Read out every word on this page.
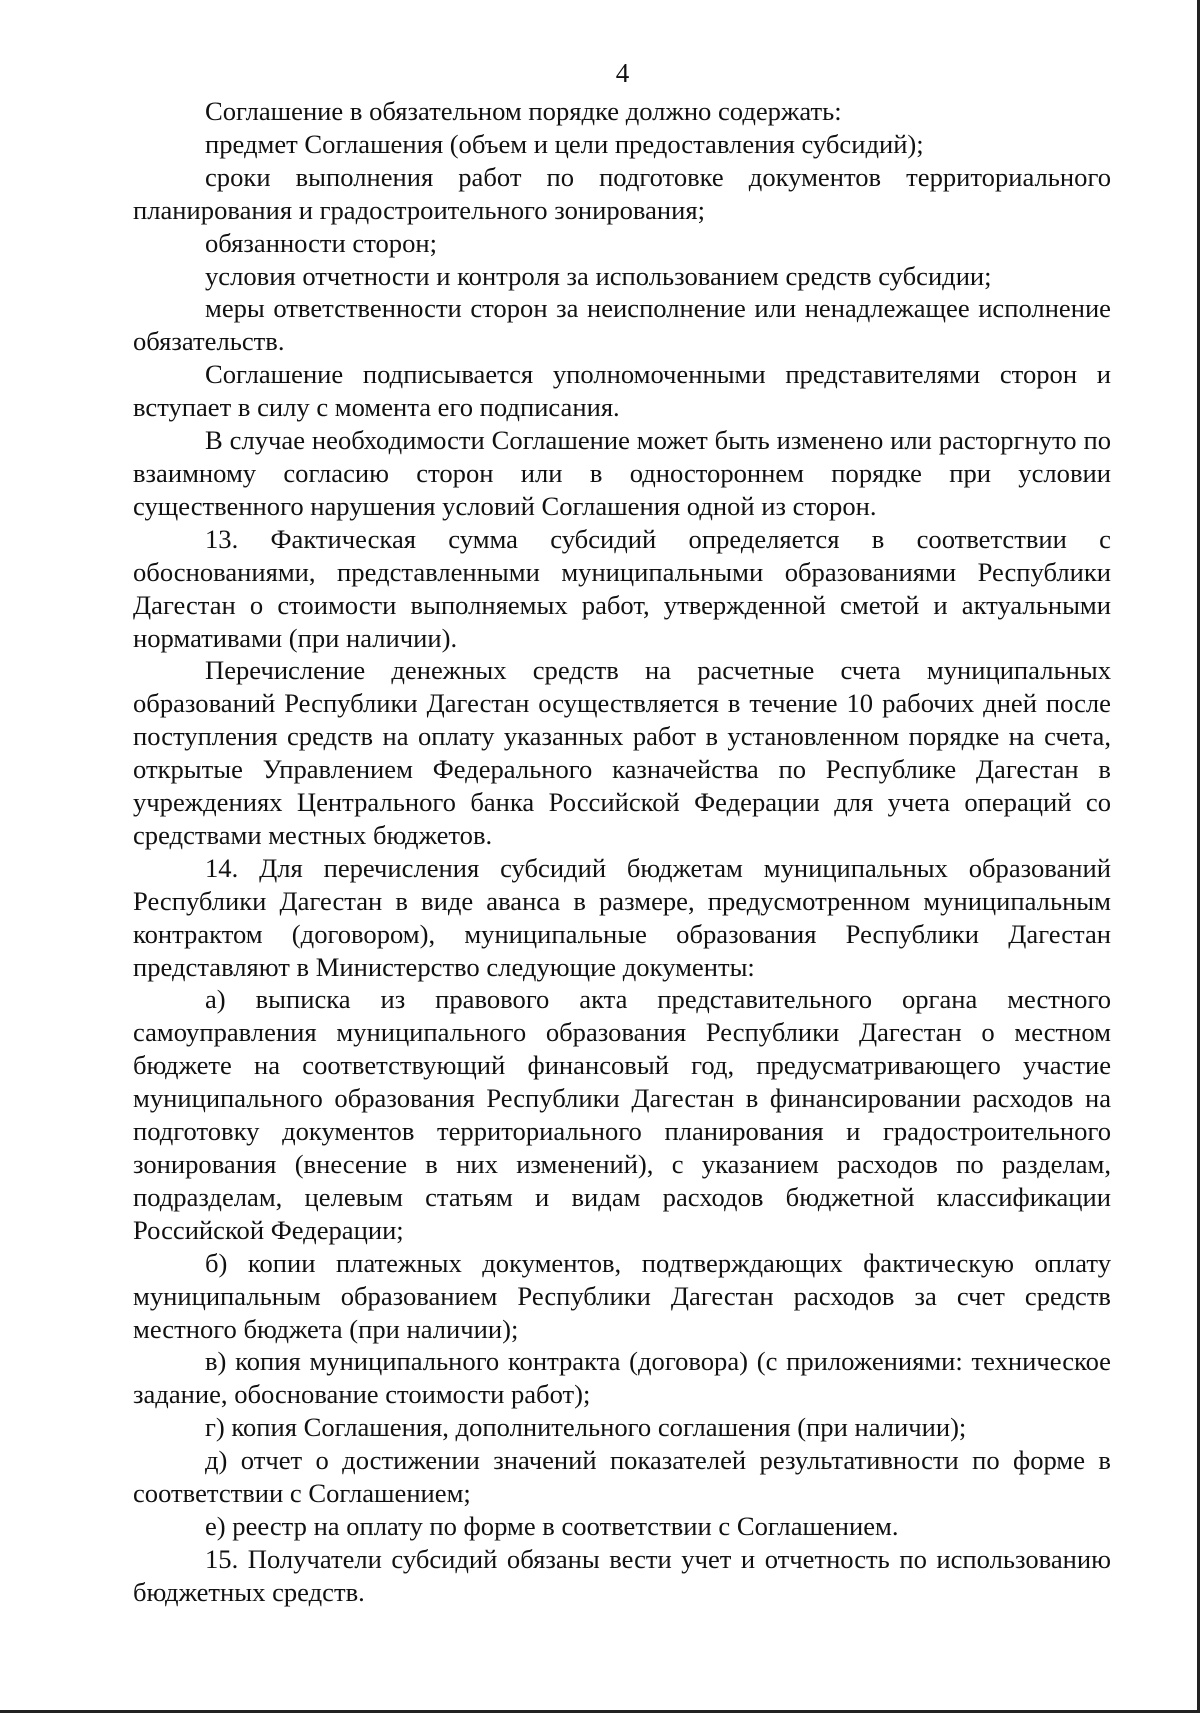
4

Соглашение в обязательном порядке должно содержать:

предмет Соглашения (объем и цели предоставления субсидий);

сроки выполнения работ по подготовке документов территориального планирования и градостроительного зонирования;

обязанности сторон;

условия отчетности и контроля за использованием средств субсидии;

меры ответственности сторон за неисполнение или ненадлежащее исполнение обязательств.

Соглашение подписывается уполномоченными представителями сторон и вступает в силу с момента его подписания.

В случае необходимости Соглашение может быть изменено или расторгнуто по взаимному согласию сторон или в одностороннем порядке при условии существенного нарушения условий Соглашения одной из сторон.

13. Фактическая сумма субсидий определяется в соответствии с обоснованиями, представленными муниципальными образованиями Республики Дагестан о стоимости выполняемых работ, утвержденной сметой и актуальными нормативами (при наличии).

Перечисление денежных средств на расчетные счета муниципальных образований Республики Дагестан осуществляется в течение 10 рабочих дней после поступления средств на оплату указанных работ в установленном порядке на счета, открытые Управлением Федерального казначейства по Республике Дагестан в учреждениях Центрального банка Российской Федерации для учета операций со средствами местных бюджетов.

14. Для перечисления субсидий бюджетам муниципальных образований Республики Дагестан в виде аванса в размере, предусмотренном муниципальным контрактом (договором), муниципальные образования Республики Дагестан представляют в Министерство следующие документы:

а) выписка из правового акта представительного органа местного самоуправления муниципального образования Республики Дагестан о местном бюджете на соответствующий финансовый год, предусматривающего участие муниципального образования Республики Дагестан в финансировании расходов на подготовку документов территориального планирования и градостроительного зонирования (внесение в них изменений), с указанием расходов по разделам, подразделам, целевым статьям и видам расходов бюджетной классификации Российской Федерации;

б) копии платежных документов, подтверждающих фактическую оплату муниципальным образованием Республики Дагестан расходов за счет средств местного бюджета (при наличии);

в) копия муниципального контракта (договора) (с приложениями: техническое задание, обоснование стоимости работ);

г) копия Соглашения, дополнительного соглашения (при наличии);

д) отчет о достижении значений показателей результативности по форме в соответствии с Соглашением;

е) реестр на оплату по форме в соответствии с Соглашением.

15. Получатели субсидий обязаны вести учет и отчетность по использованию бюджетных средств.
